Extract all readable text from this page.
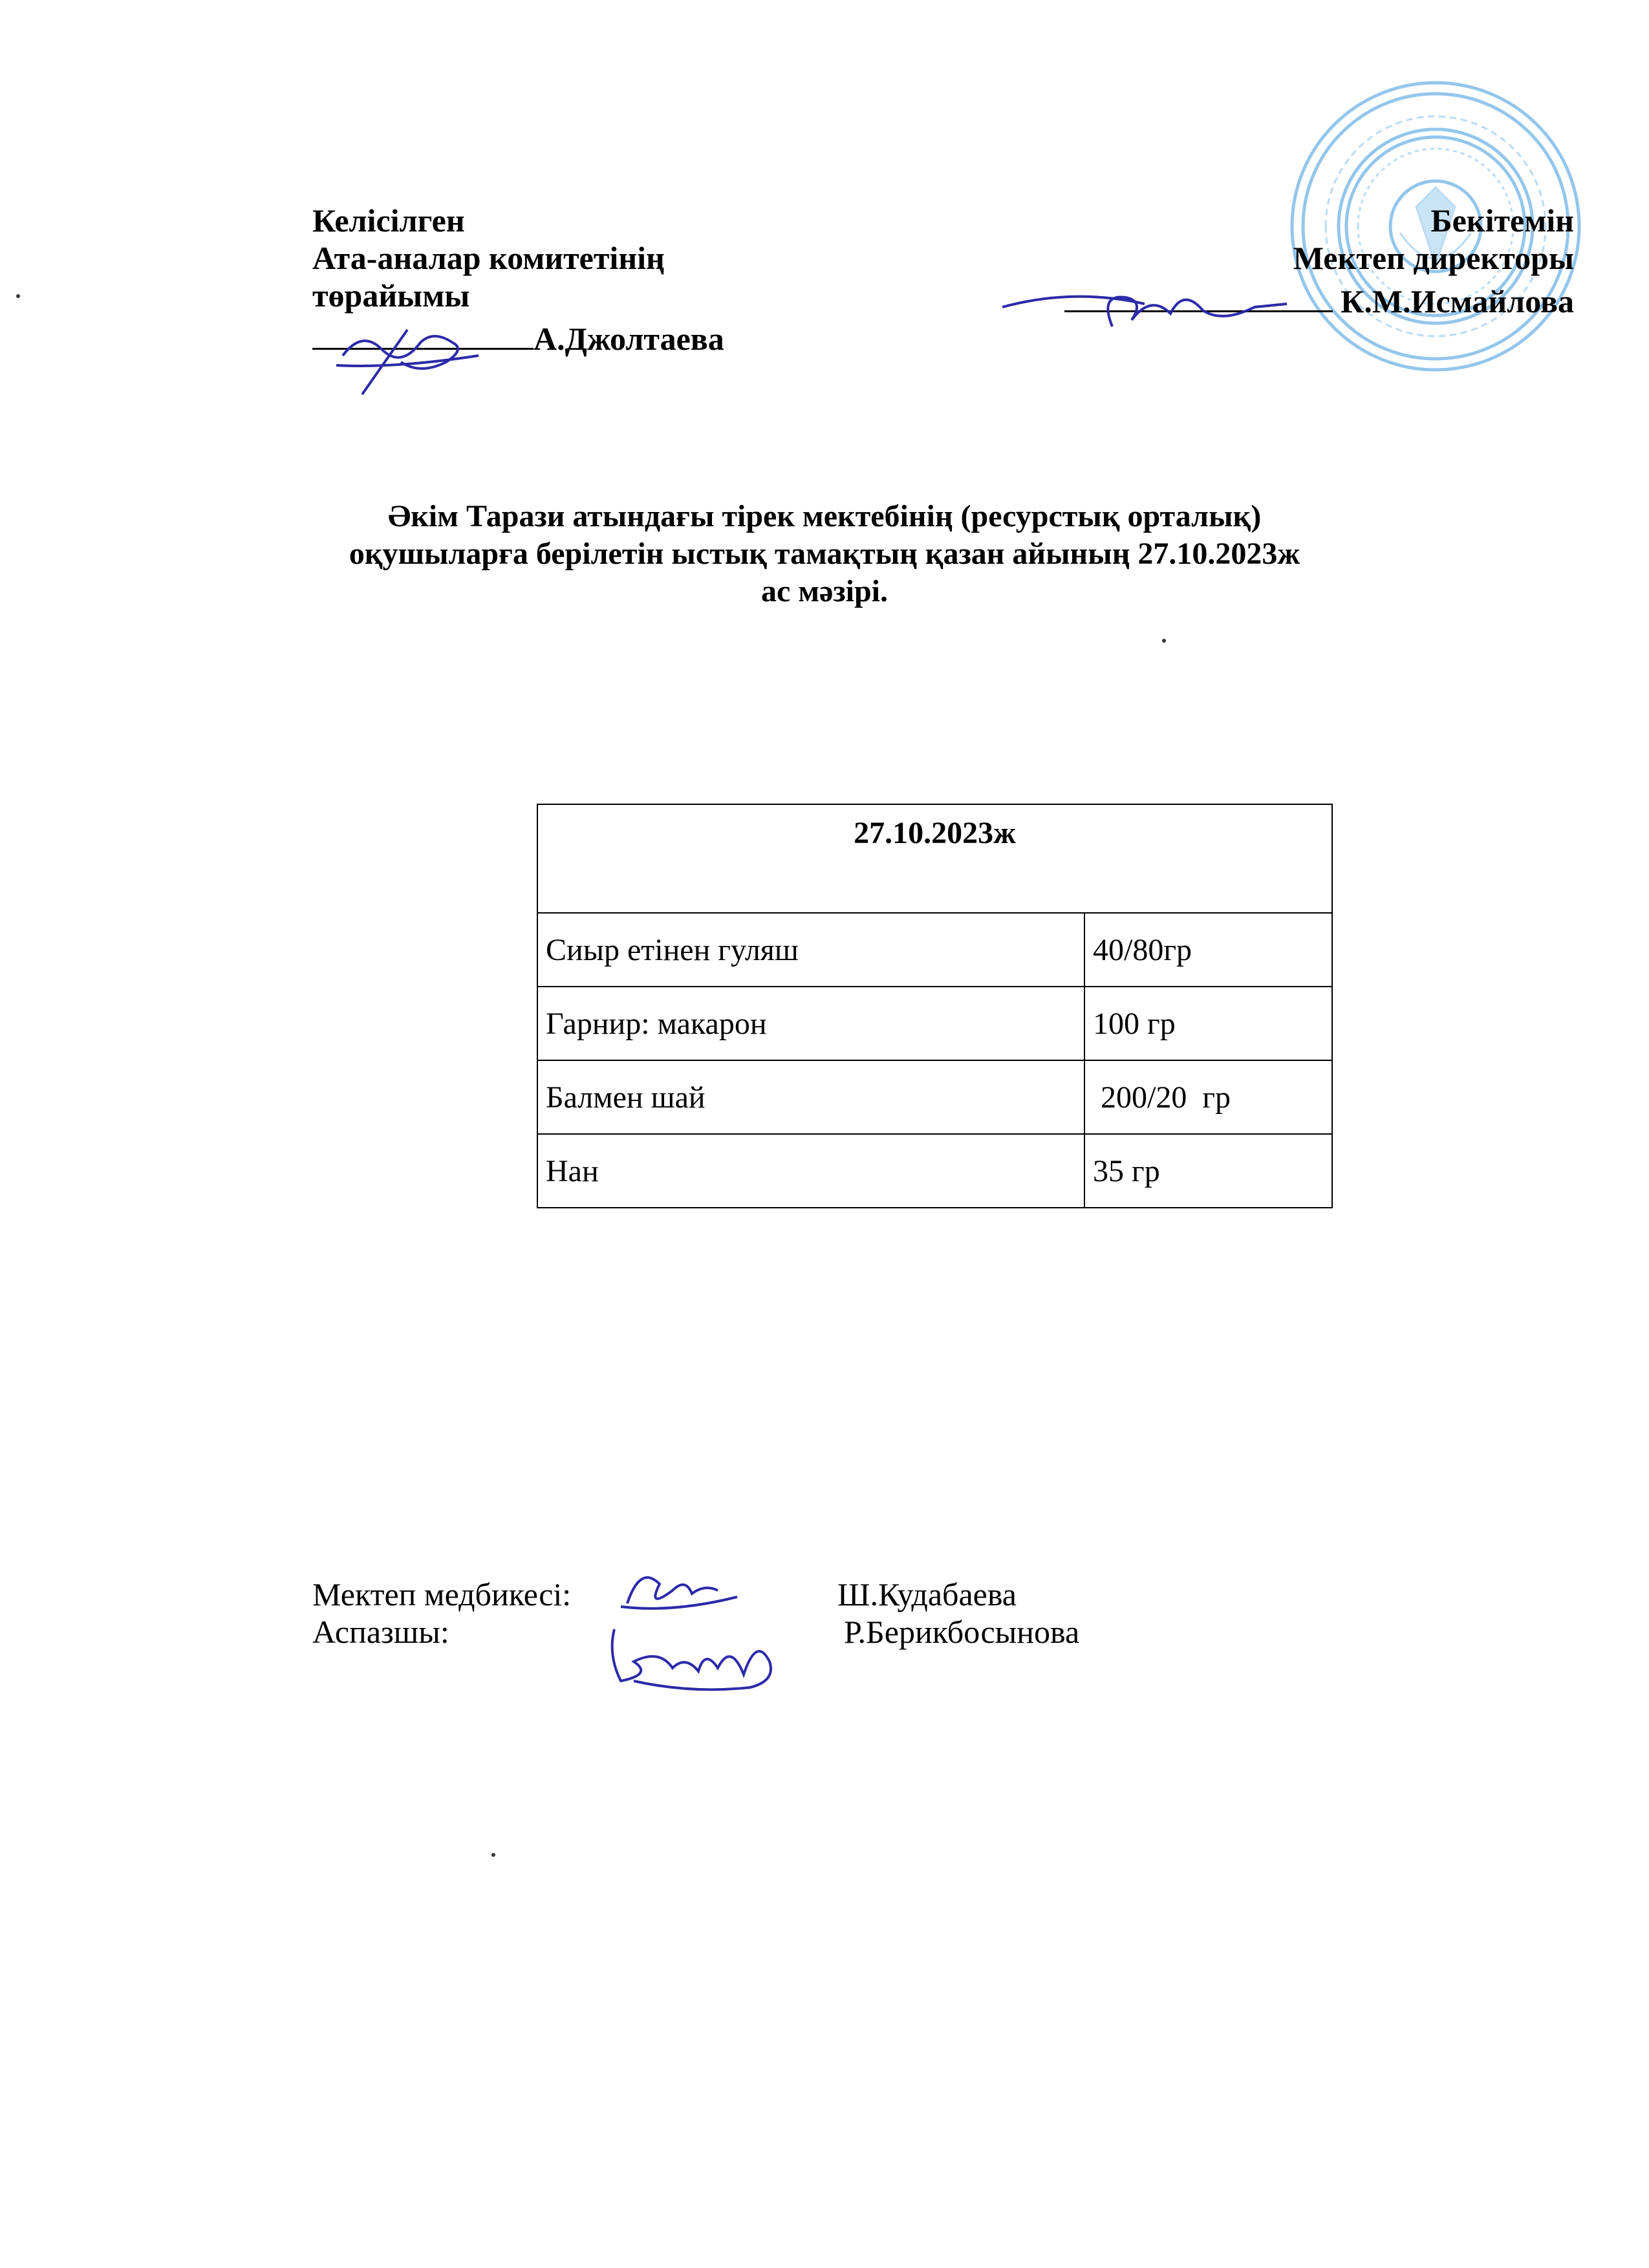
Келісілген
Ата-аналар комитетінің
төрайымы
А.Джолтаева
Бекітемін
Мектеп директоры
К.М.Исмайлова
Әкім Тарази атындағы тірек мектебінің (ресурстық орталық)
оқушыларға берілетін ыстық тамақтың қазан айының 27.10.2023ж
ас мәзірі.
27.10.2023ж	
Сиыр етінен гуляш	40/80гр
Гарнир: макарон	100 гр
Балмен шай	200/20  гр
Нан	35 гр
Мектеп медбикесі:	Ш.Кудабаева
Аспазшы:	Р.Берикбосынова
